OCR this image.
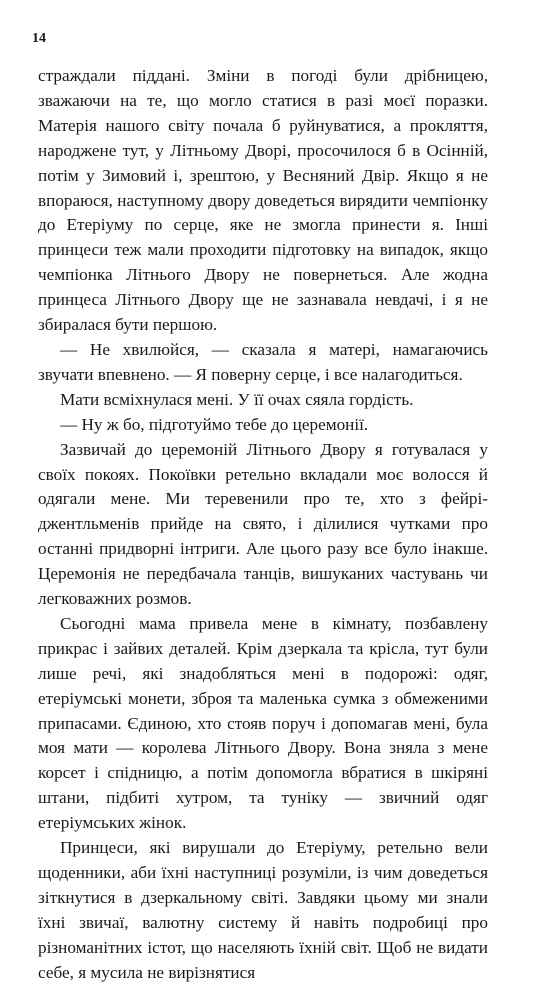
14

страждали піддані. Зміни в погоді були дрібницею, зважаючи на те, що могло статися в разі моєї поразки. Матерія нашого світу почала б руйнуватися, а прокляття, народжене тут, у Літньому Дворі, просочилося б в Осінній, потім у Зимовий і, зрештою, у Весняний Двір. Якщо я не впораюся, наступному двору доведеться вирядити чемпіонку до Етеріуму по серце, яке не змогла принести я. Інші принцеси теж мали проходити підготовку на випадок, якщо чемпіонка Літнього Двору не повернеться. Але жодна принцеса Літнього Двору ще не зазнавала невдачі, і я не збиралася бути першою.

— Не хвилюйся, — сказала я матері, намагаючись звучати впевнено. — Я поверну серце, і все налагодиться.

Мати всміхнулася мені. У її очах сяяла гордість.

— Ну ж бо, підготуймо тебе до церемонії.

Зазвичай до церемоній Літнього Двору я готувалася у своїх покоях. Покоївки ретельно вкладали моє волосся й одягали мене. Ми теревенили про те, хто з фейрі-джентльменів прийде на свято, і ділилися чутками про останні придворні інтриги. Але цього разу все було інакше. Церемонія не передбачала танців, вишуканих частувань чи легковажних розмов.

Сьогодні мама привела мене в кімнату, позбавлену прикрас і зайвих деталей. Крім дзеркала та крісла, тут були лише речі, які знадобляться мені в подорожі: одяг, етеріумські монети, зброя та маленька сумка з обмеженими припасами. Єдиною, хто стояв поруч і допомагав мені, була моя мати — королева Літнього Двору. Вона зняла з мене корсет і спідницю, а потім допомогла вбратися в шкіряні штани, підбиті хутром, та туніку — звичний одяг етеріумських жінок.

Принцеси, які вирушали до Етеріуму, ретельно вели щоденники, аби їхні наступниці розуміли, із чим доведеться зіткнутися в дзеркальному світі. Завдяки цьому ми знали їхні звичаї, валютну систему й навіть подробиці про різноманітних істот, що населяють їхній світ. Щоб не видати себе, я мусила не вирізнятися
